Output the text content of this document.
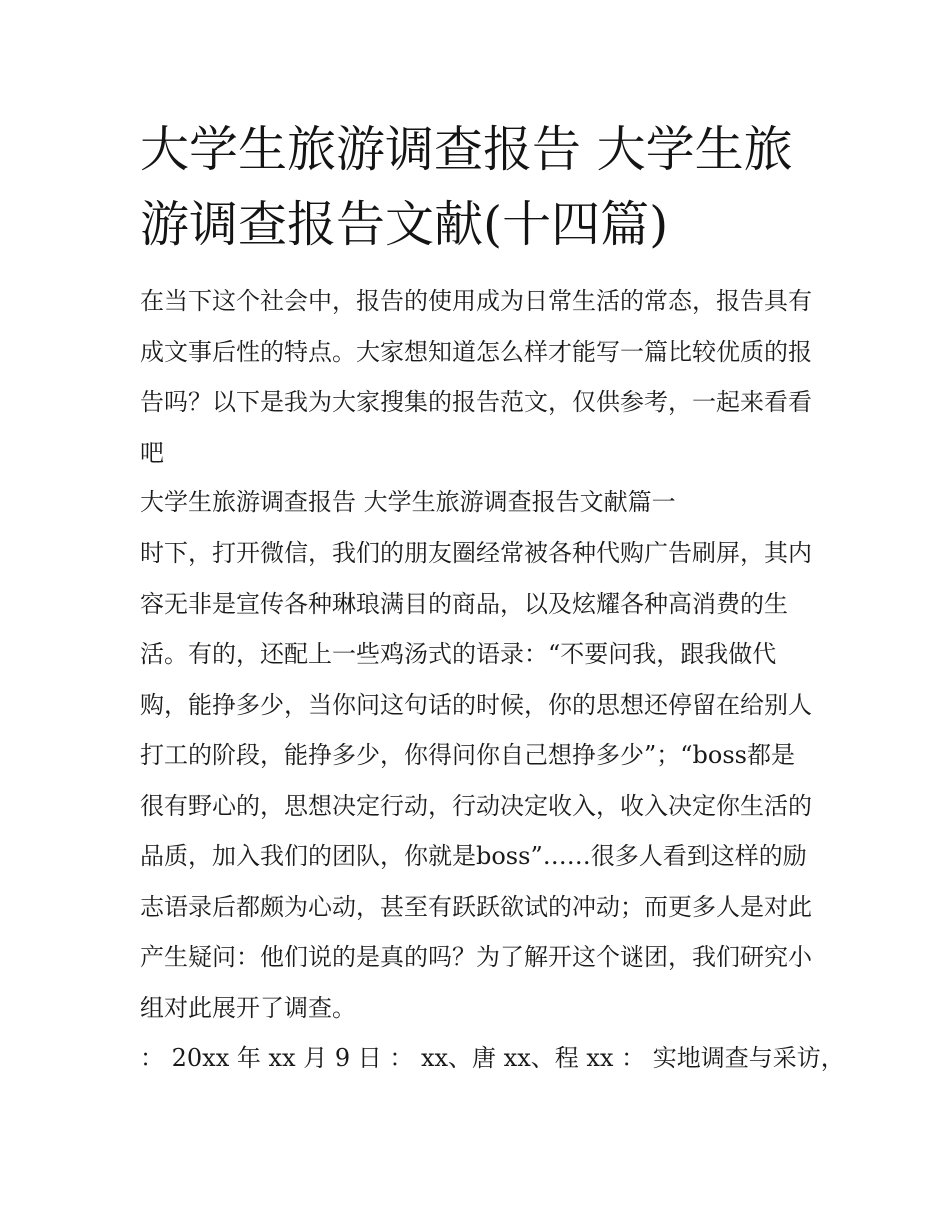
大学生旅游调查报告 大学生旅游调查报告文献(十四篇)

在当下这个社会中，报告的使用成为日常生活的常态，报告具有成文事后性的特点。大家想知道怎么样才能写一篇比较优质的报告吗？以下是我为大家搜集的报告范文，仅供参考，一起来看看吧

大学生旅游调查报告 大学生旅游调查报告文献篇一

时下，打开微信，我们的朋友圈经常被各种代购广告刷屏，其内容无非是宣传各种琳琅满目的商品，以及炫耀各种高消费的生活。有的，还配上一些鸡汤式的语录：“不要问我，跟我做代购，能挣多少，当你问这句话的时候，你的思想还停留在给别人打工的阶段，能挣多少，你得问你自己想挣多少”；“boss都是很有野心的，思想决定行动，行动决定收入，收入决定你生活的品质，加入我们的团队，你就是boss”……很多人看到这样的励志语录后都颇为心动，甚至有跃跃欲试的冲动；而更多人是对此产生疑问：他们说的是真的吗？为了解开这个谜团，我们研究小组对此展开了调查。

： 20xx 年 xx 月 9 日 ： xx、唐 xx、程 xx ： 实地调查与采访，
